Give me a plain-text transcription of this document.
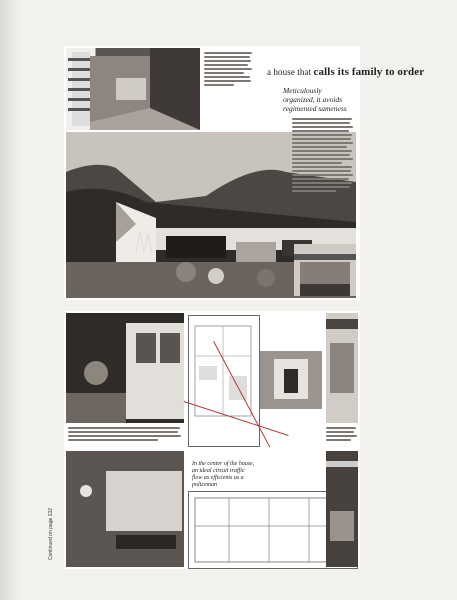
a house that calls its family to order
Meticulously organized, it avoids regimented sameness
In the center of the house, an ideal circuit traffic flow as efficients as a policeman
Continued on page 132
